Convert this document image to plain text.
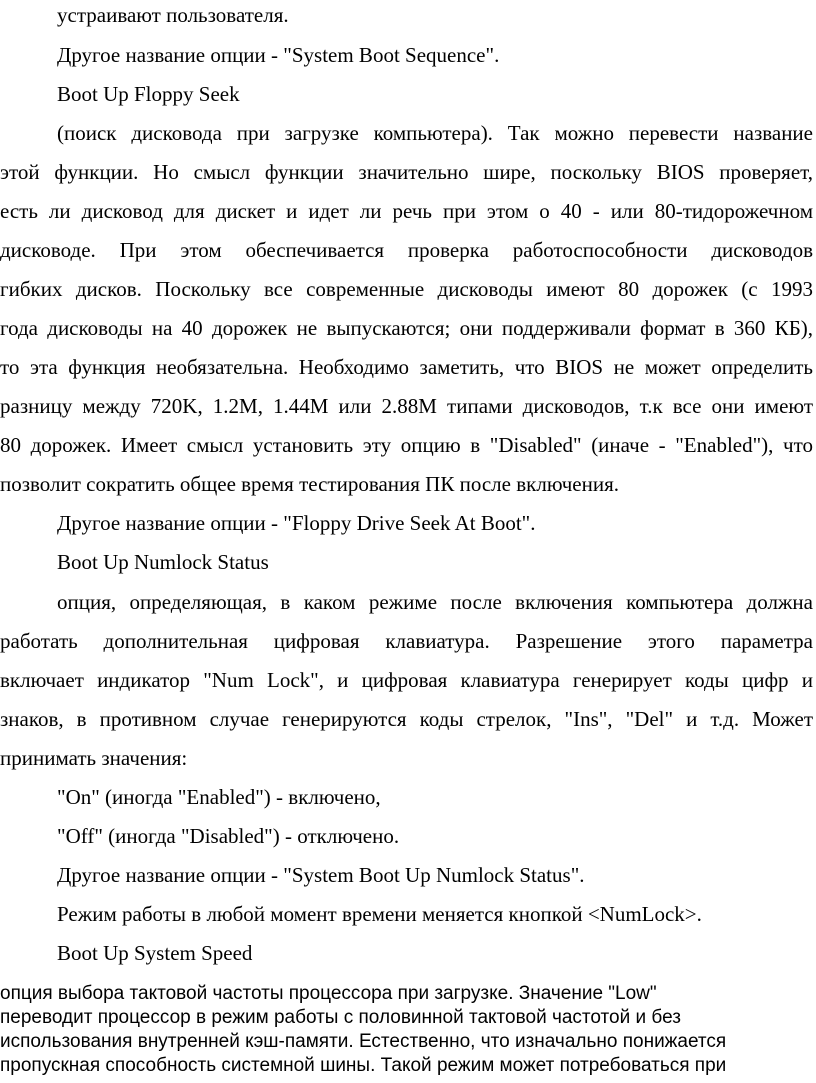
устраивают пользователя.
Другое название опции - "System Boot Sequence".
Boot Up Floppy Seek
(поиск дисковода при загрузке компьютера). Так можно перевести название
этой функции. Но смысл функции значительно шире, поскольку BIOS проверяет,
есть ли дисковод для дискет и идет ли речь при этом о 40 - или 80-тидорожечном
дисководе. При этом обеспечивается проверка работоспособности дисководов
гибких дисков. Поскольку все современные дисководы имеют 80 дорожек (с 1993
года дисководы на 40 дорожек не выпускаются; они поддерживали формат в 360 КБ),
то эта функция необязательна. Необходимо заметить, что BIOS не может определить
разницу между 720K, 1.2M, 1.44M или 2.88M типами дисководов, т.к все они имеют
80 дорожек. Имеет смысл установить эту опцию в "Disabled" (иначе - "Enabled"), что
позволит сократить общее время тестирования ПК после включения.
Другое название опции - "Floppy Drive Seek At Boot".
Boot Up Numlock Status
опция, определяющая, в каком режиме после включения компьютера должна
работать дополнительная цифровая клавиатура. Разрешение этого параметра
включает индикатор "Num Lock", и цифровая клавиатура генерирует коды цифр и
знаков, в противном случае генерируются коды стрелок, "Ins", "Del" и т.д. Может
принимать значения:
"On" (иногда "Enabled") - включено,
"Off" (иногда "Disabled") - отключено.
Другое название опции - "System Boot Up Numlock Status".
Режим работы в любой момент времени меняется кнопкой <NumLock>.
Boot Up System Speed
опция выбора тактовой частоты процессора при загрузке. Значение "Low"
переводит процессор в режим работы с половинной тактовой частотой и без
использования внутренней кэш-памяти. Естественно, что изначально понижается
пропускная способность системной шины. Такой режим может потребоваться при
